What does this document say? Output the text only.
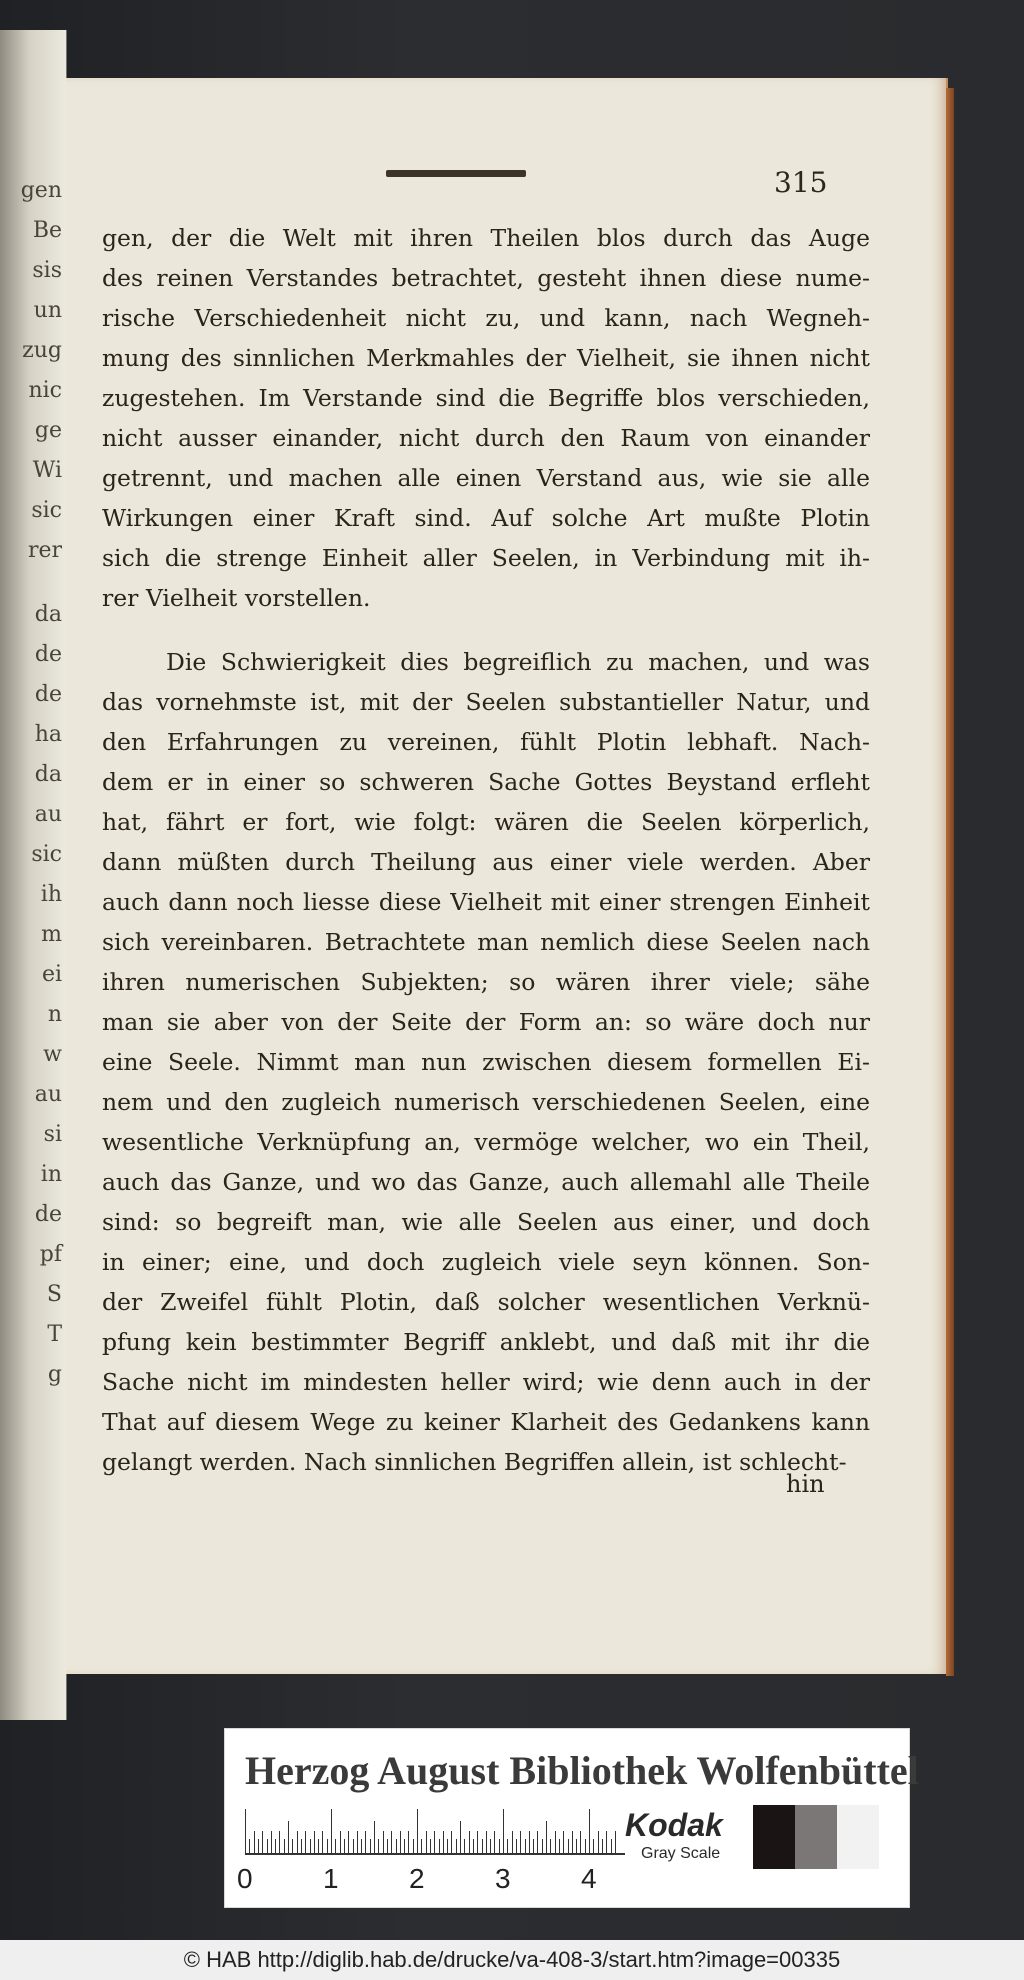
gen
Be
sis
un
zug
nic
ge
Wi
sic
rer
da
de
de
ha
da
au
sic
ih
m
ei
n
w
au
si
in
de
pf
S
T
g
315
gen, der die Welt mit ihren Theilen blos durch das Auge
des reinen Verstandes betrachtet, gesteht ihnen diese nume-
rische Verschiedenheit nicht zu, und kann, nach Wegneh-
mung des sinnlichen Merkmahles der Vielheit, sie ihnen nicht
zugestehen. Im Verstande sind die Begriffe blos verschieden,
nicht ausser einander, nicht durch den Raum von einander
getrennt, und machen alle einen Verstand aus, wie sie alle
Wirkungen einer Kraft sind. Auf solche Art mußte Plotin
sich die strenge Einheit aller Seelen, in Verbindung mit ih-
rer Vielheit vorstellen.
Die Schwierigkeit dies begreiflich zu machen, und was
das vornehmste ist, mit der Seelen substantieller Natur, und
den Erfahrungen zu vereinen, fühlt Plotin lebhaft. Nach-
dem er in einer so schweren Sache Gottes Beystand erfleht
hat, fährt er fort, wie folgt: wären die Seelen körperlich,
dann müßten durch Theilung aus einer viele werden. Aber
auch dann noch liesse diese Vielheit mit einer strengen Einheit
sich vereinbaren. Betrachtete man nemlich diese Seelen nach
ihren numerischen Subjekten; so wären ihrer viele; sähe
man sie aber von der Seite der Form an: so wäre doch nur
eine Seele. Nimmt man nun zwischen diesem formellen Ei-
nem und den zugleich numerisch verschiedenen Seelen, eine
wesentliche Verknüpfung an, vermöge welcher, wo ein Theil,
auch das Ganze, und wo das Ganze, auch allemahl alle Theile
sind: so begreift man, wie alle Seelen aus einer, und doch
in einer; eine, und doch zugleich viele seyn können. Son-
der Zweifel fühlt Plotin, daß solcher wesentlichen Verknü-
pfung kein bestimmter Begriff anklebt, und daß mit ihr die
Sache nicht im mindesten heller wird; wie denn auch in der
That auf diesem Wege zu keiner Klarheit des Gedankens kann
gelangt werden. Nach sinnlichen Begriffen allein, ist schlecht-
hin
Herzog August Bibliothek Wolfenbüttel
0	1	2	3	4
Kodak
Gray Scale
© HAB http://diglib.hab.de/drucke/va-408-3/start.htm?image=00335
